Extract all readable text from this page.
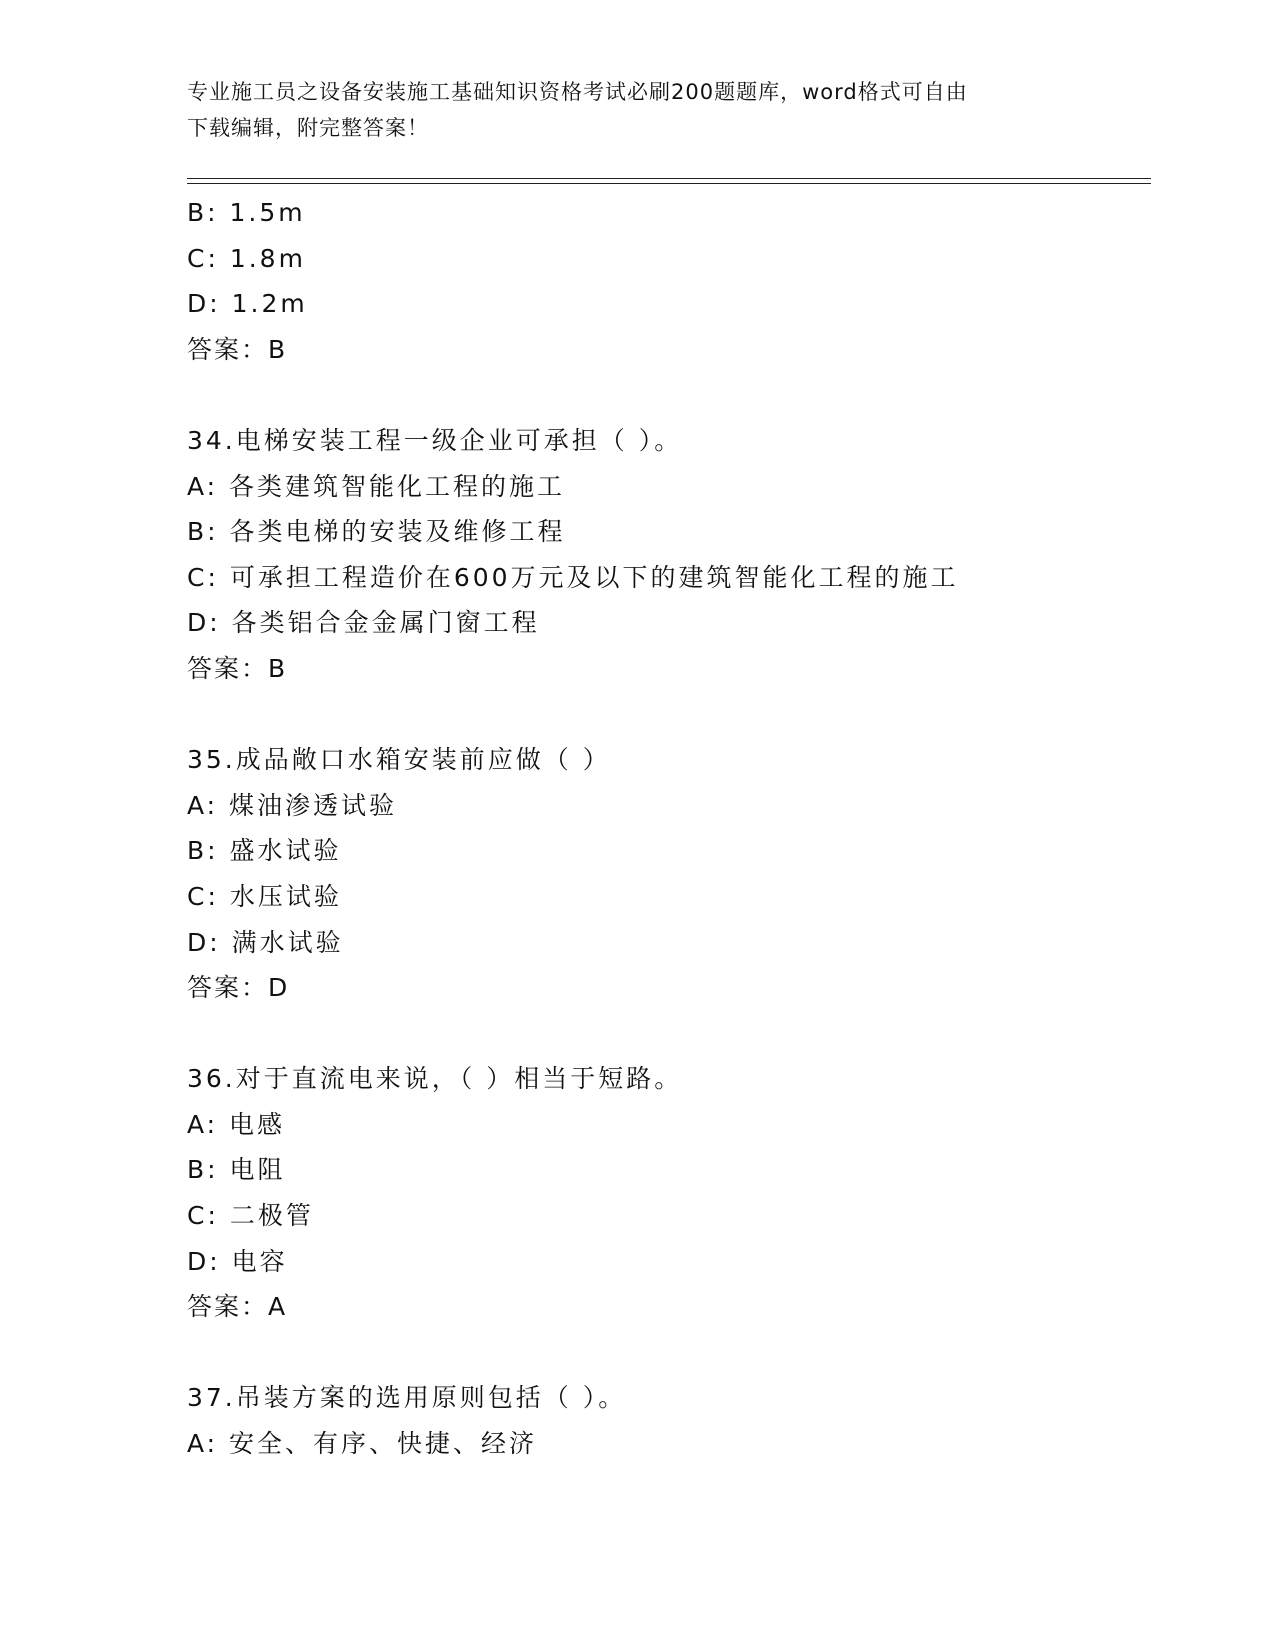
专业施工员之设备安装施工基础知识资格考试必刷200题题库，word格式可自由
下载编辑，附完整答案！
B: 1.5m
C: 1.8m
D: 1.2m
答案：B
34.电梯安装工程一级企业可承担（ ）。
A: 各类建筑智能化工程的施工
B: 各类电梯的安装及维修工程
C: 可承担工程造价在600万元及以下的建筑智能化工程的施工
D: 各类铝合金金属门窗工程
答案：B
35.成品敞口水箱安装前应做（ ）
A: 煤油渗透试验
B: 盛水试验
C: 水压试验
D: 满水试验
答案：D
36.对于直流电来说，（ ）相当于短路。
A: 电感
B: 电阻
C: 二极管
D: 电容
答案：A
37.吊装方案的选用原则包括（ ）。
A: 安全、有序、快捷、经济
